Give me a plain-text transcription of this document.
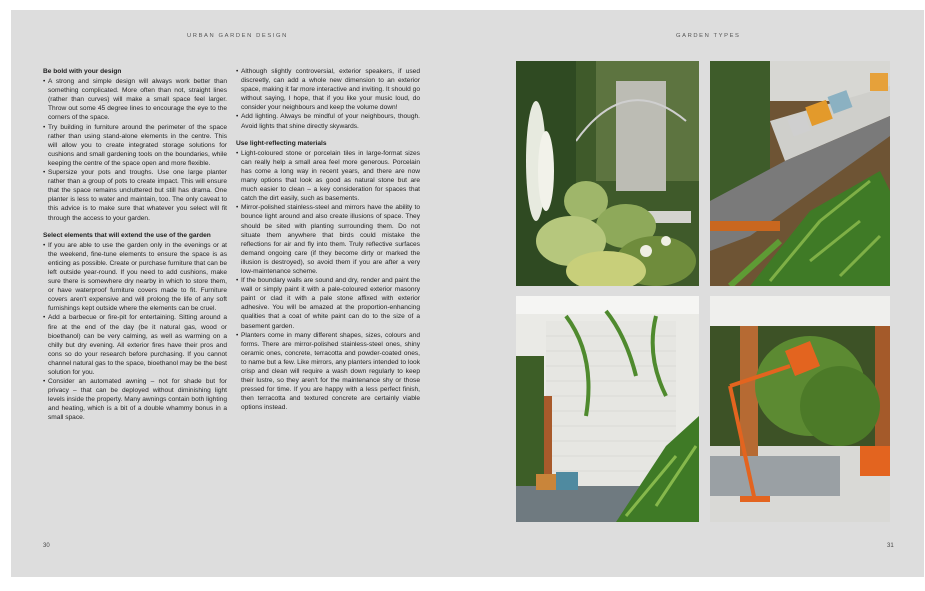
URBAN GARDEN DESIGN
Be bold with your design
• A strong and simple design will always work better than something complicated. More often than not, straight lines (rather than curves) will make a small space feel larger. Throw out some 45 degree lines to encourage the eye to the corners of the space.
• Try building in furniture around the perimeter of the space rather than using stand-alone elements in the centre. This will allow you to create integrated storage solutions for cushions and small gardening tools on the boundaries, while keeping the centre of the space open and more flexible.
• Supersize your pots and troughs. Use one large planter rather than a group of pots to create impact. This will ensure that the space remains uncluttered but still has drama. One planter is less to water and maintain, too. The only caveat to this advice is to make sure that whatever you select will fit through the access to your garden.
Select elements that will extend the use of the garden
• If you are able to use the garden only in the evenings or at the weekend, fine-tune elements to ensure the space is as enticing as possible. Create or purchase furniture that can be left outside year-round. If you need to add cushions, make sure there is somewhere dry nearby in which to store them, or have waterproof furniture covers made to fit. Furniture covers aren't expensive and will prolong the life of any soft furnishings kept outside where the elements can be cruel.
• Add a barbecue or fire-pit for entertaining. Sitting around a fire at the end of the day (be it natural gas, wood or bioethanol) can be very calming, as well as warming on a chilly but dry evening. All exterior fires have their pros and cons so do your research before purchasing. If you cannot channel natural gas to the space, bioethanol may be the best solution for you.
• Consider an automated awning – not for shade but for privacy – that can be deployed without diminishing light levels inside the property. Many awnings contain both lighting and heating, which is a bit of a double whammy bonus in a small space.
• Although slightly controversial, exterior speakers, if used discreetly, can add a whole new dimension to an exterior space, making it far more interactive and inviting. It should go without saying, I hope, that if you like your music loud, do consider your neighbours and keep the volume down!
• Add lighting. Always be mindful of your neighbours, though. Avoid lights that shine directly skywards.
Use light-reflecting materials
• Light-coloured stone or porcelain tiles in large-format sizes can really help a small area feel more generous. Porcelain has come a long way in recent years, and there are now many options that look as good as natural stone but are much easier to clean – a key consideration for spaces that catch the dirt easily, such as basements.
• Mirror-polished stainless-steel and mirrors have the ability to bounce light around and also create illusions of space. They should be sited with planting surrounding them. Do not situate them anywhere that birds could mistake the reflections for air and fly into them. Truly reflective surfaces demand ongoing care (if they become dirty or marked the illusion is destroyed), so avoid them if you are after a very low-maintenance scheme.
• If the boundary walls are sound and dry, render and paint the wall or simply paint it with a pale-coloured exterior masonry paint or clad it with a pale stone affixed with exterior adhesive. You will be amazed at the proportion-enhancing qualities that a coat of white paint can do to the size of a basement garden.
• Planters come in many different shapes, sizes, colours and forms. There are mirror-polished stainless-steel ones, shiny ceramic ones, concrete, terracotta and powder-coated ones, to name but a few. Like mirrors, any planters intended to look crisp and clean will require a wash down regularly to keep their lustre, so they aren't for the maintenance shy or those pressed for time. If you are happy with a less perfect finish, then terracotta and textured concrete are certainly viable options instead.
30
GARDEN TYPES
31
